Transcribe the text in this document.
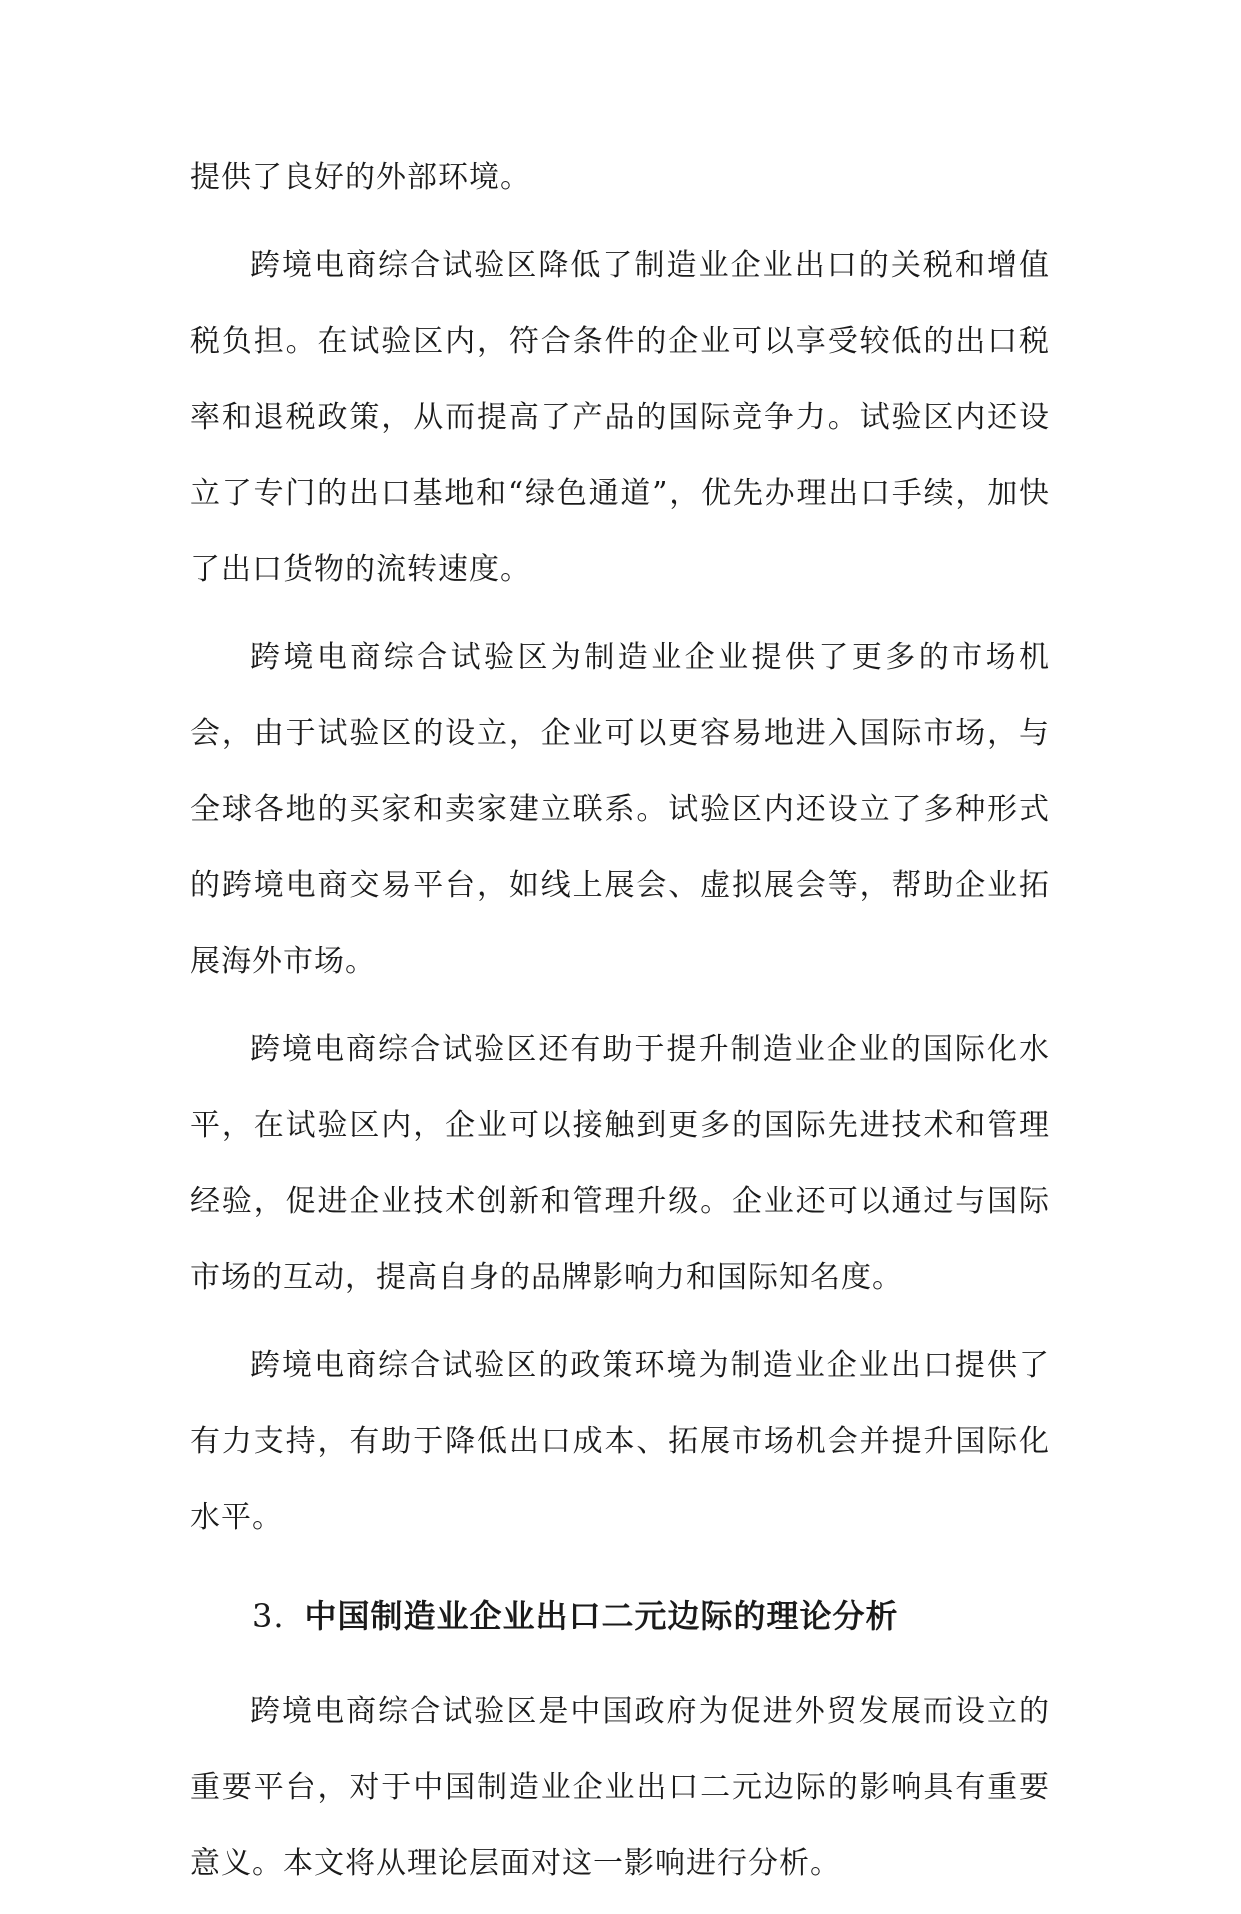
提供了良好的外部环境。

跨境电商综合试验区降低了制造业企业出口的关税和增值税负担。在试验区内，符合条件的企业可以享受较低的出口税率和退税政策，从而提高了产品的国际竞争力。试验区内还设立了专门的出口基地和“绿色通道”，优先办理出口手续，加快了出口货物的流转速度。

跨境电商综合试验区为制造业企业提供了更多的市场机会，由于试验区的设立，企业可以更容易地进入国际市场，与全球各地的买家和卖家建立联系。试验区内还设立了多种形式的跨境电商交易平台，如线上展会、虚拟展会等，帮助企业拓展海外市场。

跨境电商综合试验区还有助于提升制造业企业的国际化水平，在试验区内，企业可以接触到更多的国际先进技术和管理经验，促进企业技术创新和管理升级。企业还可以通过与国际市场的互动，提高自身的品牌影响力和国际知名度。

跨境电商综合试验区的政策环境为制造业企业出口提供了有力支持，有助于降低出口成本、拓展市场机会并提升国际化水平。

3. 中国制造业企业出口二元边际的理论分析

跨境电商综合试验区是中国政府为促进外贸发展而设立的重要平台，对于中国制造业企业出口二元边际的影响具有重要意义。本文将从理论层面对这一影响进行分析。
